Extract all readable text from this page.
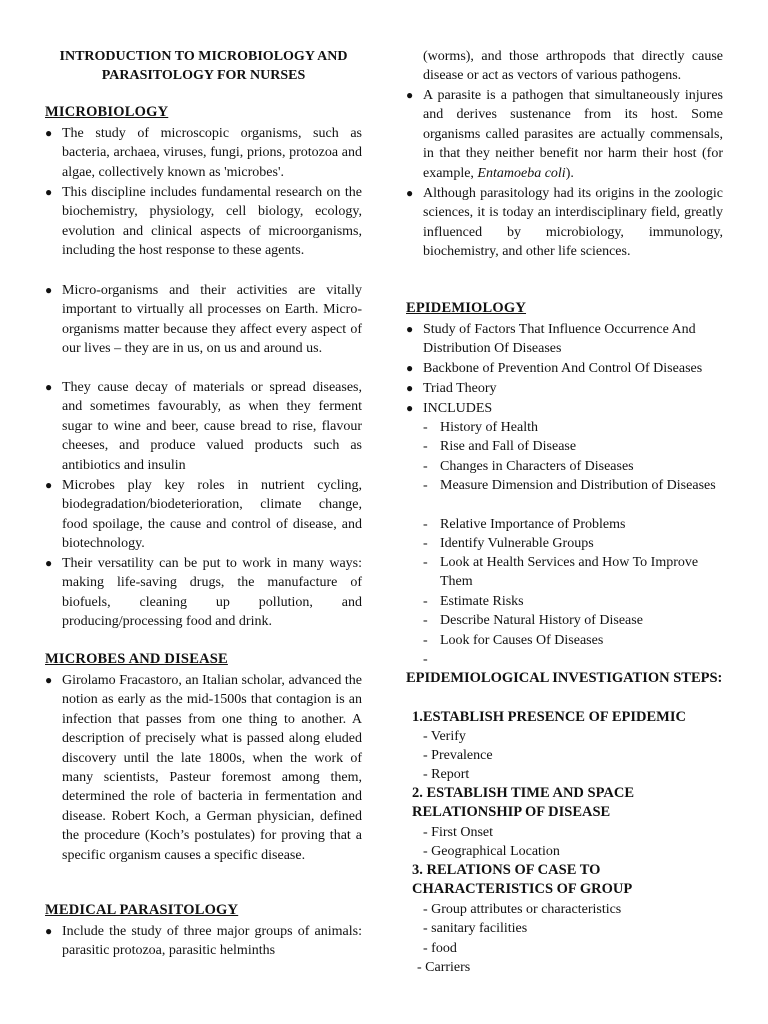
INTRODUCTION TO MICROBIOLOGY AND PARASITOLOGY FOR NURSES
MICROBIOLOGY
● The study of microscopic organisms, such as bacteria, archaea, viruses, fungi, prions, protozoa and algae, collectively known as 'microbes'.
● This discipline includes fundamental research on the biochemistry, physiology, cell biology, ecology, evolution and clinical aspects of microorganisms, including the host response to these agents.
● Micro-organisms and their activities are vitally important to virtually all processes on Earth. Micro-organisms matter because they affect every aspect of our lives – they are in us, on us and around us.
● They cause decay of materials or spread diseases, and sometimes favourably, as when they ferment sugar to wine and beer, cause bread to rise, flavour cheeses, and produce valued products such as antibiotics and insulin
● Microbes play key roles in nutrient cycling, biodegradation/biodeterioration, climate change, food spoilage, the cause and control of disease, and biotechnology.
● Their versatility can be put to work in many ways: making life-saving drugs, the manufacture of biofuels, cleaning up pollution, and producing/processing food and drink.
MICROBES AND DISEASE
● Girolamo Fracastoro, an Italian scholar, advanced the notion as early as the mid-1500s that contagion is an infection that passes from one thing to another. A description of precisely what is passed along eluded discovery until the late 1800s, when the work of many scientists, Pasteur foremost among them, determined the role of bacteria in fermentation and disease. Robert Koch, a German physician, defined the procedure (Koch’s postulates) for proving that a specific organism causes a specific disease.
MEDICAL PARASITOLOGY
● Include the study of three major groups of animals: parasitic protozoa, parasitic helminths
(worms), and those arthropods that directly cause disease or act as vectors of various pathogens.
● A parasite is a pathogen that simultaneously injures and derives sustenance from its host. Some organisms called parasites are actually commensals, in that they neither benefit nor harm their host (for example, Entamoeba coli).
● Although parasitology had its origins in the zoologic sciences, it is today an interdisciplinary field, greatly influenced by microbiology, immunology, biochemistry, and other life sciences.
EPIDEMIOLOGY
● Study of Factors That Influence Occurrence And Distribution Of Diseases
● Backbone of Prevention And Control Of Diseases
● Triad Theory
● INCLUDES
- History of Health
- Rise and Fall of Disease
- Changes in Characters of Diseases
- Measure Dimension and Distribution of Diseases
- Relative Importance of Problems
- Identify Vulnerable Groups
- Look at Health Services and How To Improve Them
- Estimate Risks
- Describe Natural History of Disease
- Look for Causes Of Diseases
-
EPIDEMIOLOGICAL INVESTIGATION STEPS:
1.ESTABLISH PRESENCE OF EPIDEMIC
- Verify
- Prevalence
- Report
2. ESTABLISH TIME AND SPACE RELATIONSHIP OF DISEASE
- First Onset
- Geographical Location
3. RELATIONS OF CASE TO CHARACTERISTICS OF GROUP
- Group attributes or characteristics
- sanitary facilities
- food
- Carriers
